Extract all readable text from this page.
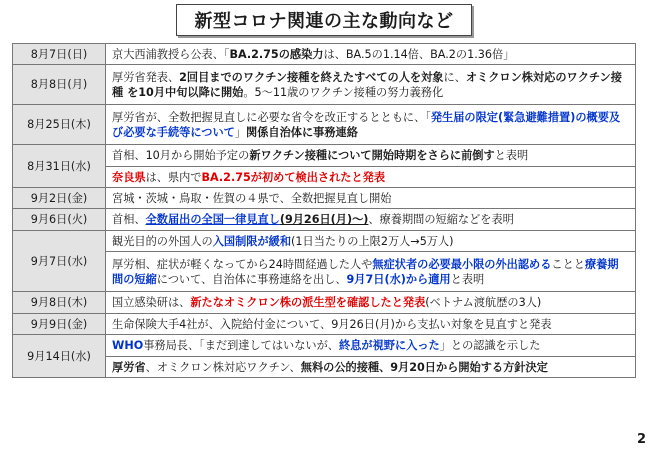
新型コロナ関連の主な動向など
8月7日(日)	京大西浦教授ら公表、「BA.2.75の感染力は、BA.5の1.14倍、BA.2の1.36倍」
8月8日(月)	厚労省発表、2回目までのワクチン接種を終えたすべての人を対象に、オミクロン株対応のワクチン接種 を10月中旬以降に開始。5～11歳のワクチン接種の努力義務化
8月25日(木)	厚労省が、全数把握見直しに必要な省令を改正するとともに、「発生届の限定(緊急避難措置)の概要及び必要な手続等について」関係自治体に事務連絡
8月31日(水)	首相、10月から開始予定の新ワクチン接種について開始時期をさらに前倒すと表明
	奈良県は、県内でBA.2.75が初めて検出されたと発表
9月2日(金)	宮城・茨城・鳥取・佐賀の４県で、全数把握見直し開始
9月6日(火)	首相、全数届出の全国一律見直し(9月26日(月)～)、療養期間の短縮などを表明
9月7日(水)	観光目的の外国人の入国制限が緩和(1日当たりの上限2万人→5万人)
	厚労相、症状が軽くなってから24時間経過した人や無症状者の必要最小限の外出認めることと療養期間の短縮について、自治体に事務連絡を出し、9月7日(水)から適用と表明
9月8日(木)	国立感染研は、新たなオミクロン株の派生型を確認したと発表(ベトナム渡航歴の3人)
9月9日(金)	生命保険大手4社が、入院給付金について、9月26日(月)から支払い対象を見直すと発表
9月14日(水)	WHO事務局長、「まだ到達してはいないが、終息が視野に入った」との認識を示した
	厚労省、オミクロン株対応ワクチン、無料の公的接種、9月20日から開始する方針決定
2
